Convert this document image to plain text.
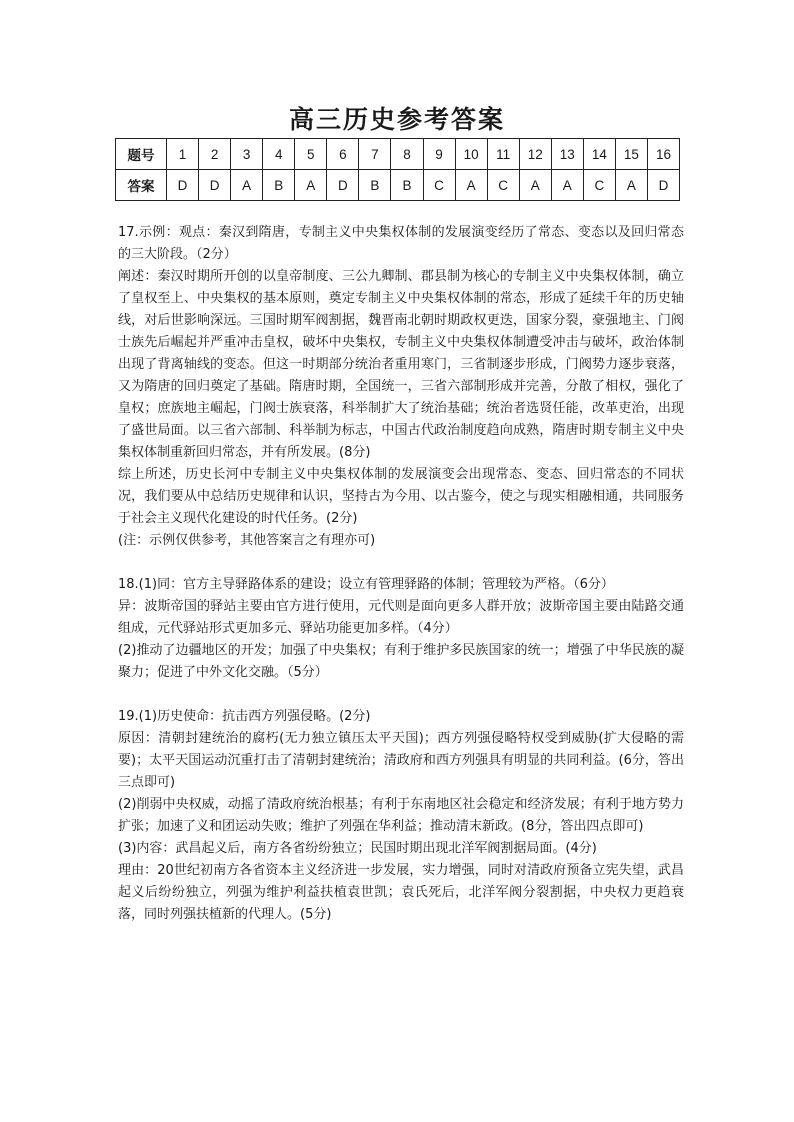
高三历史参考答案
题号	1	2	3	4	5	6	7	8	9	10	11	12	13	14	15	16
答案	D	D	A	B	A	D	B	B	C	A	C	A	A	C	A	D

17.示例：观点：秦汉到隋唐，专制主义中央集权体制的发展演变经历了常态、变态以及回归常态的三大阶段。（2分）

阐述：秦汉时期所开创的以皇帝制度、三公九卿制、郡县制为核心的专制主义中央集权体制，确立了皇权至上、中央集权的基本原则，奠定专制主义中央集权体制的常态，形成了延续千年的历史轴线，对后世影响深远。三国时期军阀割据，魏晋南北朝时期政权更迭，国家分裂，豪强地主、门阀士族先后崛起并严重冲击皇权，破坏中央集权，专制主义中央集权体制遭受冲击与破坏，政治体制出现了背离轴线的变态。但这一时期部分统治者重用寒门，三省制逐步形成，门阀势力逐步衰落，又为隋唐的回归奠定了基础。隋唐时期，全国统一，三省六部制形成并完善，分散了相权，强化了皇权；庶族地主崛起，门阀士族衰落，科举制扩大了统治基础；统治者选贤任能，改革吏治，出现了盛世局面。以三省六部制、科举制为标志，中国古代政治制度趋向成熟，隋唐时期专制主义中央集权体制重新回归常态，并有所发展。(8分)

综上所述，历史长河中专制主义中央集权体制的发展演变会出现常态、变态、回归常态的不同状况，我们要从中总结历史规律和认识，坚持古为今用、以古鉴今，使之与现实相融相通，共同服务于社会主义现代化建设的时代任务。(2分)

(注：示例仅供参考，其他答案言之有理亦可)

18.(1)同：官方主导驿路体系的建设；设立有管理驿路的体制；管理较为严格。（6分）

异：波斯帝国的驿站主要由官方进行使用，元代则是面向更多人群开放；波斯帝国主要由陆路交通组成，元代驿站形式更加多元、驿站功能更加多样。（4分）

(2)推动了边疆地区的开发；加强了中央集权；有利于维护多民族国家的统一；增强了中华民族的凝聚力；促进了中外文化交融。（5分）

19.(1)历史使命：抗击西方列强侵略。(2分)

原因：清朝封建统治的腐朽(无力独立镇压太平天国)；西方列强侵略特权受到威胁(扩大侵略的需要)；太平天国运动沉重打击了清朝封建统治；清政府和西方列强具有明显的共同利益。(6分，答出三点即可)

(2)削弱中央权威，动摇了清政府统治根基；有利于东南地区社会稳定和经济发展；有利于地方势力扩张；加速了义和团运动失败；维护了列强在华利益；推动清末新政。(8分，答出四点即可)

(3)内容：武昌起义后，南方各省纷纷独立；民国时期出现北洋军阀割据局面。(4分)

理由：20世纪初南方各省资本主义经济进一步发展，实力增强，同时对清政府预备立宪失望，武昌起义后纷纷独立，列强为维护利益扶植袁世凯；袁氏死后，北洋军阀分裂割据，中央权力更趋衰落，同时列强扶植新的代理人。(5分)
